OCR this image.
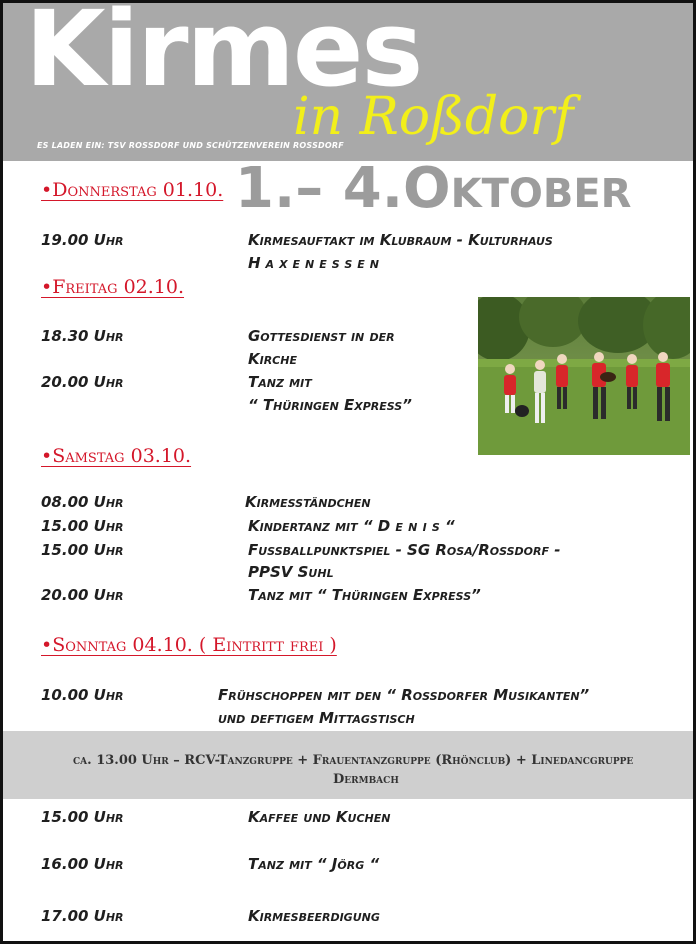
Kirmes
in Roßdorf
ES LADEN EIN: TSV ROSSDORF UND SCHÜTZENVEREIN ROSSDORF
1.– 4.OKTOBER
•Donnerstag 01.10.
19.00 Uhr	Kirmesauftakt im Klubraum - Kulturhaus
Haxenessen
•Freitag 02.10.
18.30 Uhr	Gottesdienst in der
Kirche
20.00 Uhr	Tanz mit
“ Thüringen Express”
•Samstag 03.10.
08.00 Uhr	Kirmesständchen
15.00 Uhr	Kindertanz mit “ D e n i s “
15.00 Uhr	Fussballpunktspiel - SG Rosa/Rossdorf -
PPSV Suhl
20.00 Uhr	Tanz mit “ Thüringen Express”
•Sonntag 04.10. ( Eintritt frei )
10.00 Uhr	Frühschoppen mit den “ Rossdorfer Musikanten”
und deftigem Mittagstisch
ca. 13.00 Uhr – RCV-Tanzgruppe + Frauentanzgruppe (Rhönclub) + Linedancgruppe
Dermbach
15.00 Uhr	Kaffee und Kuchen
16.00 Uhr	Tanz mit “ Jörg “
17.00 Uhr	Kirmesbeerdigung
